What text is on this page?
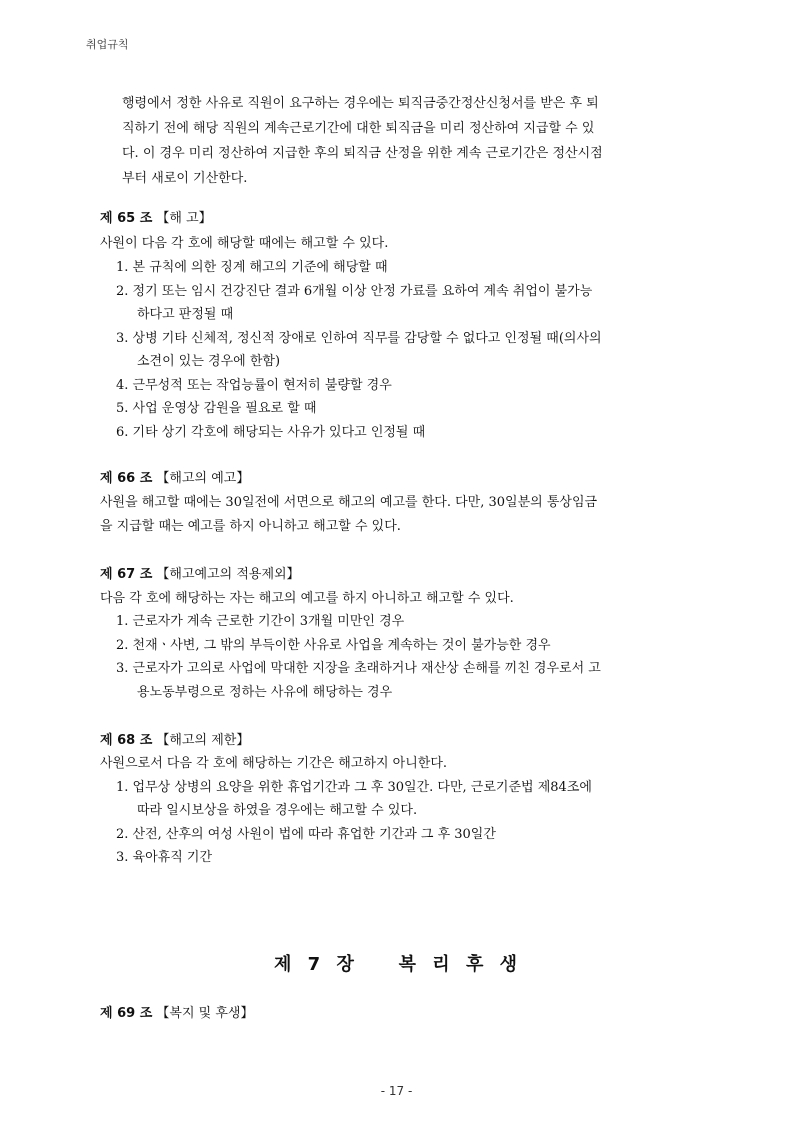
취업규칙
행령에서 정한 사유로 직원이 요구하는 경우에는 퇴직금중간정산신청서를 받은 후 퇴
직하기 전에 해당 직원의 계속근로기간에 대한 퇴직금을 미리 정산하여 지급할 수 있
다. 이 경우 미리 정산하여 지급한 후의 퇴직금 산정을 위한 계속 근로기간은 정산시점
부터 새로이 기산한다.
제 65 조 【해 고】
사원이 다음 각 호에 해당할 때에는 해고할 수 있다.
1. 본 규칙에 의한 징계 해고의 기준에 해당할 때
2. 정기 또는 임시 건강진단 결과 6개월 이상 안정 가료를 요하여 계속 취업이 불가능
하다고 판정될 때
3. 상병 기타 신체적, 정신적 장애로 인하여 직무를 감당할 수 없다고 인정될 때(의사의
소견이 있는 경우에 한함)
4. 근무성적 또는 작업능률이 현저히 불량할 경우
5. 사업 운영상 감원을 필요로 할 때
6. 기타 상기 각호에 해당되는 사유가 있다고 인정될 때
제 66 조 【해고의 예고】
사원을 해고할 때에는 30일전에 서면으로 해고의 예고를 한다. 다만, 30일분의 통상임금
을 지급할 때는 예고를 하지 아니하고 해고할 수 있다.
제 67 조 【해고예고의 적용제외】
다음 각 호에 해당하는 자는 해고의 예고를 하지 아니하고 해고할 수 있다.
1. 근로자가 계속 근로한 기간이 3개월 미만인 경우
2. 천재ㆍ사변, 그 밖의 부득이한 사유로 사업을 계속하는 것이 불가능한 경우
3. 근로자가 고의로 사업에 막대한 지장을 초래하거나 재산상 손해를 끼친 경우로서 고
용노동부령으로 정하는 사유에 해당하는 경우
제 68 조 【해고의 제한】
사원으로서 다음 각 호에 해당하는 기간은 해고하지 아니한다.
1. 업무상 상병의 요양을 위한 휴업기간과 그 후 30일간. 다만, 근로기준법 제84조에
따라 일시보상을 하였을 경우에는 해고할 수 있다.
2. 산전, 산후의 여성 사원이 법에 따라 휴업한 기간과 그 후 30일간
3. 육아휴직 기간
제 7 장   복 리 후 생
제 69 조 【복지 및 후생】
- 17 -
